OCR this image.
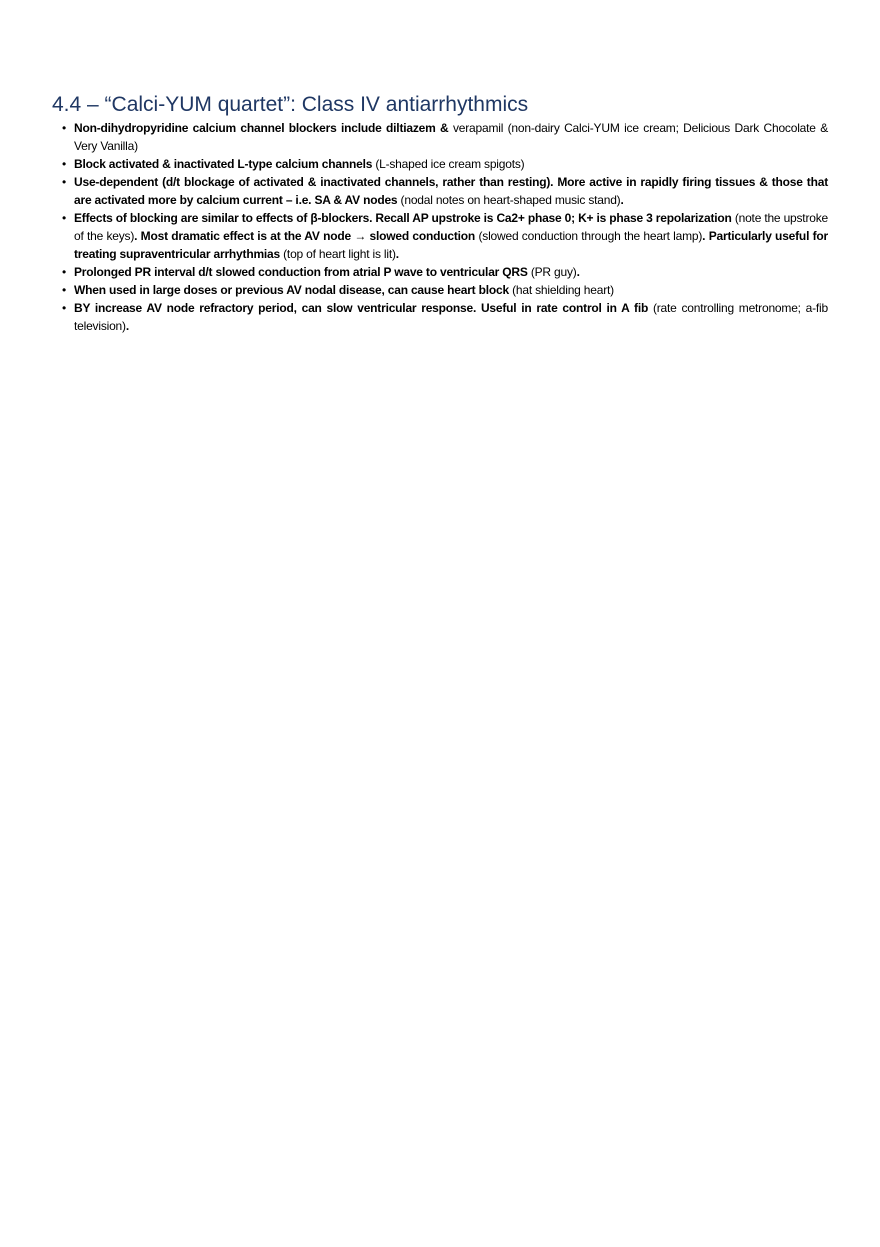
4.4 – “Calci-YUM quartet”: Class IV antiarrhythmics
• Non-dihydropyridine calcium channel blockers include diltiazem & verapamil (non-dairy Calci-YUM ice cream; Delicious Dark Chocolate & Very Vanilla)
• Block activated & inactivated L-type calcium channels (L-shaped ice cream spigots)
• Use-dependent (d/t blockage of activated & inactivated channels, rather than resting). More active in rapidly firing tissues & those that are activated more by calcium current – i.e. SA & AV nodes (nodal notes on heart-shaped music stand).
• Effects of blocking are similar to effects of β-blockers. Recall AP upstroke is Ca2+ phase 0; K+ is phase 3 repolarization (note the upstroke of the keys). Most dramatic effect is at the AV node → slowed conduction (slowed conduction through the heart lamp). Particularly useful for treating supraventricular arrhythmias (top of heart light is lit).
• Prolonged PR interval d/t slowed conduction from atrial P wave to ventricular QRS (PR guy).
• When used in large doses or previous AV nodal disease, can cause heart block (hat shielding heart)
• BY increase AV node refractory period, can slow ventricular response. Useful in rate control in A fib (rate controlling metronome; a-fib television).
